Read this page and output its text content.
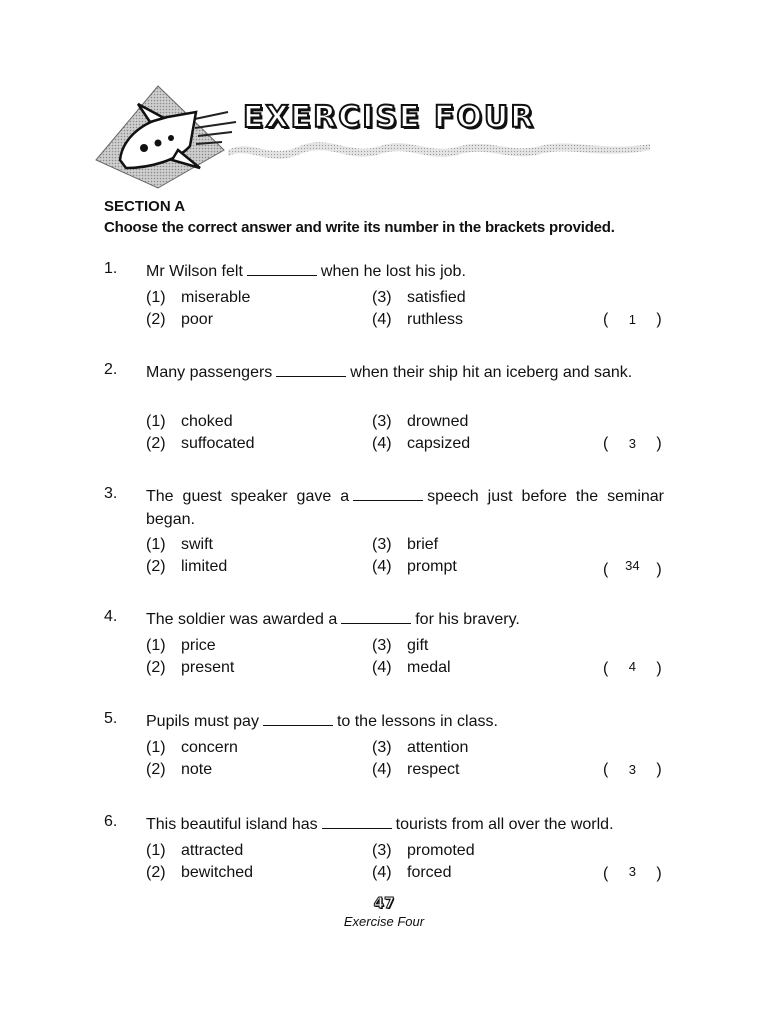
EXERCISE FOUR

SECTION A

Choose the correct answer and write its number in the brackets provided.

1. Mr Wilson felt	when he lost his job.
(1) miserable
(2) poor
(3) satisfied
(4) ruthless	( 1 )
2. Many passengers	when their ship hit an iceberg and sank.
(1) choked
(2) suffocated
(3) drowned
(4) capsized	( 3 )
3. The guest speaker gave a	speech just before the seminar began.
(1) swift
(2) limited
(3) brief
(4) prompt	( 34 )
4. The soldier was awarded a	for his bravery.
(1) price
(2) present
(3) gift
(4) medal	( 4 )
5. Pupils must pay	to the lessons in class.
(1) concern
(2) note
(3) attention
(4) respect	( 3 )
6. This beautiful island has	tourists from all over the world.
(1) attracted
(2) bewitched
(3) promoted
(4) forced	( 3 )
47
Exercise Four
